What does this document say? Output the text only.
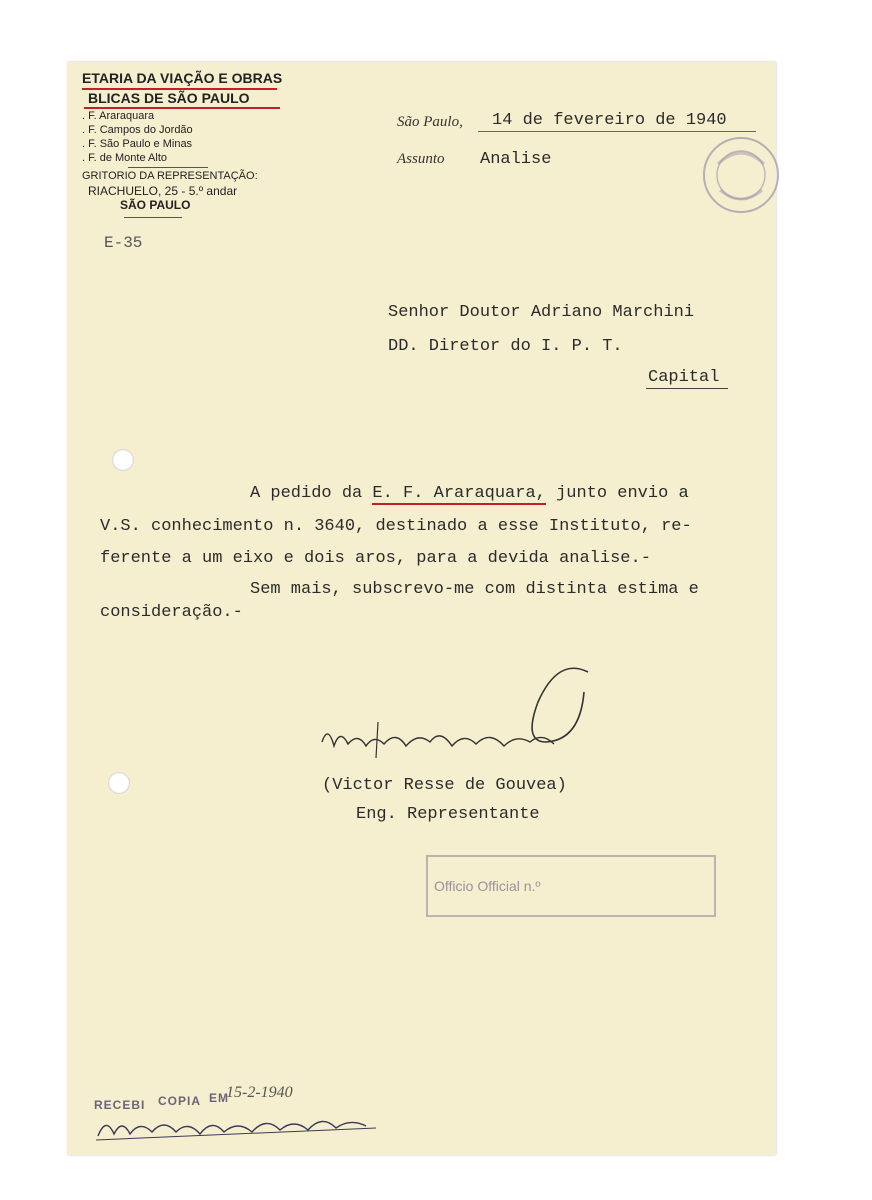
ETARIA DA VIAÇÃO E OBRAS
BLICAS DE SÃO PAULO
. F. Araraquara
. F. Campos do Jordão
. F. São Paulo e Minas
. F. de Monte Alto
GRITORIO DA REPRESENTAÇÃO:
RIACHUELO, 25 - 5.º andar
SÃO PAULO
E-35
São Paulo, 14 de fevereiro de 1940
Assunto Analise
Senhor Doutor Adriano Marchini
DD. Diretor do I. P. T.
Capital
A pedido da E. F. Araraquara, junto envio a
V.S. conhecimento n. 3640, destinado a esse Instituto, re-
ferente a um eixo e dois aros, para a devida analise.-
Sem mais, subscrevo-me com distinta estima e
consideração.-
(Victor Resse de Gouvea)
Eng. Representante
Officio Official n.º
RECEBI COPIA EM
15-2-1940
